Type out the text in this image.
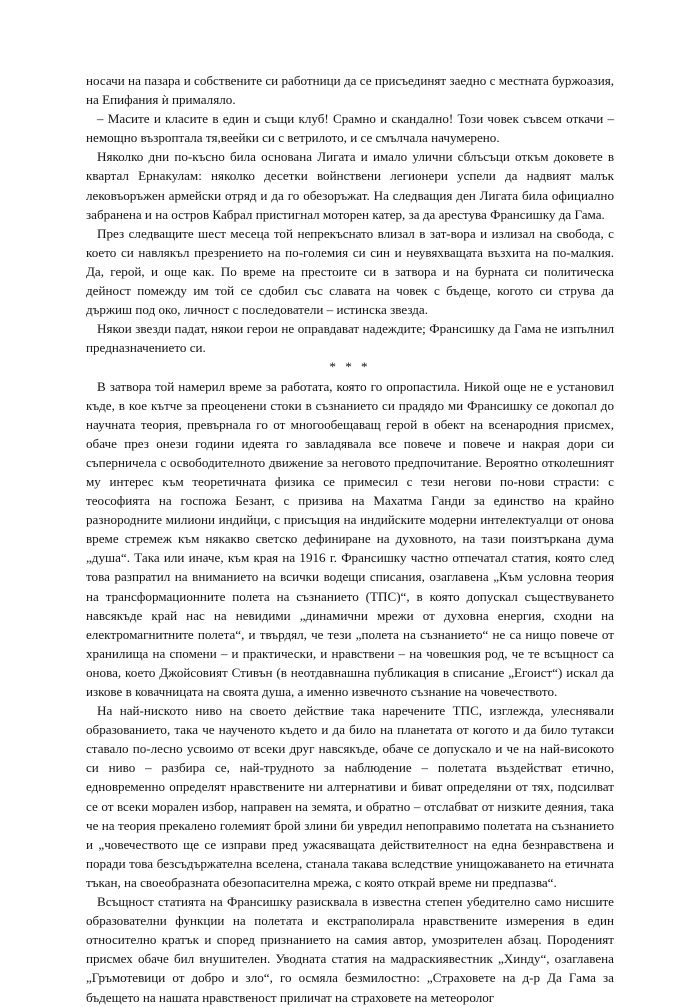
носачи на пазара и собствените си работници да се присъединят заедно с местната буржоазия, на Епифания ѝ прималяло.

– Масите и класите в един и същи клуб! Срамно и скандално! Този човек съвсем откачи – немощно възроптала тя,веейки си с ветрилото, и се смълчала начумерено.

Няколко дни по-късно била основана Лигата и имало улични сблъсъци откъм доковете в квартал Ернакулам: няколко десетки войнствени легионери успели да надвият малък лековъоръжен армейски отряд и да го обезоръжат. На следващия ден Лигата била официално забранена и на остров Кабрал пристигнал моторен катер, за да арестува Франсишку да Гама.

През следващите шест месеца той непрекъснато влизал в зат-вора и излизал на свобода, с което си навлякъл презрението на по-големия си син и неувяхващата възхита на по-малкия. Да, герой, и още как. По време на престоите си в затвора и на бурната си политическа дейност помежду им той се сдобил със славата на човек с бъдеще, когото си струва да държиш под око, личност с последователи – истинска звезда.

Някои звезди падат, някои герои не оправдават надеждите; Франсишку да Гама не изпълнил предназначението си.

* * *

В затвора той намерил време за работата, която го опропастила. Никой още не е установил къде, в кое кътче за преоценени стоки в съзнанието си прадядо ми Франсишку се докопал до научната теория, превърнала го от многообещаващ герой в обект на всенародния присмех, обаче през онези години идеята го завладявала все повече и повече и накрая дори си съперничела с освободителното движение за неговото предпочитание. Вероятно отколешният му интерес към теоретичната физика се примесил с тези негови по-нови страсти: с теософията на госпожа Безант, с призива на Махатма Ганди за единство на крайно разнородните милиони индийци, с присъщия на индийските модерни интелектуалци от онова време стремеж към някакво светско дефиниране на духовното, на тази поизтъркана дума „душа“. Така или иначе, към края на 1916 г. Франсишку частно отпечатал статия, която след това разпратил на вниманието на всички водещи списания, озаглавена „Към условна теория на трансформационните полета на съзнанието (ТПС)“, в която допускал съществуването навсякъде край нас на невидими „динамични мрежи от духовна енергия, сходни на електромагнитните полета“, и твърдял, че тези „полета на съзнанието“ не са нищо повече от хранилища на спомени – и практически, и нравствени – на човешкия род, че те всъщност са онова, което Джойсовият Стивън (в неотдавнашна публикация в списание „Егоист“) искал да изкове в ковачницата на своята душа, а именно извечното съзнание на човечеството.

На най-ниското ниво на своето действие така наречените ТПС, изглежда, улеснявали образованието, така че наученото където и да било на планетата от когото и да било тутакси ставало по-лесно усвоимо от всеки друг навсякъде, обаче се допускало и че на най-високото си ниво – разбира се, най-трудното за наблюдение – полетата въздействат етично, едновременно определят нравствените ни алтернативи и биват определяни от тях, подсилват се от всеки морален избор, направен на земята, и обратно – отслабват от низките деяния, така че на теория прекалено големият брой злини би увредил непоправимо полетата на съзнанието и „човечеството ще се изправи пред ужасяващата действителност на една безнравствена и поради това безсъдържателна вселена, станала такава вследствие унищожаването на етичната тъкан, на своеобразната обезопасителна мрежа, с която открай време ни предпазва“.

Всъщност статията на Франсишку разисквала в известна степен убедително само нисшите образователни функции на полетата и екстраполирала нравствените измерения в един относително кратък и според признанието на самия автор, умозрителен абзац. Породеният присмех обаче бил внушителен. Уводната статия на мадраскиявестник „Хинду“, озаглавена „Гръмотевици от добро и зло“, го осмяла безмилостно: „Страховете на д-р Да Гама за бъдещето на нашата нравственост приличат на страховете на метеоролог
